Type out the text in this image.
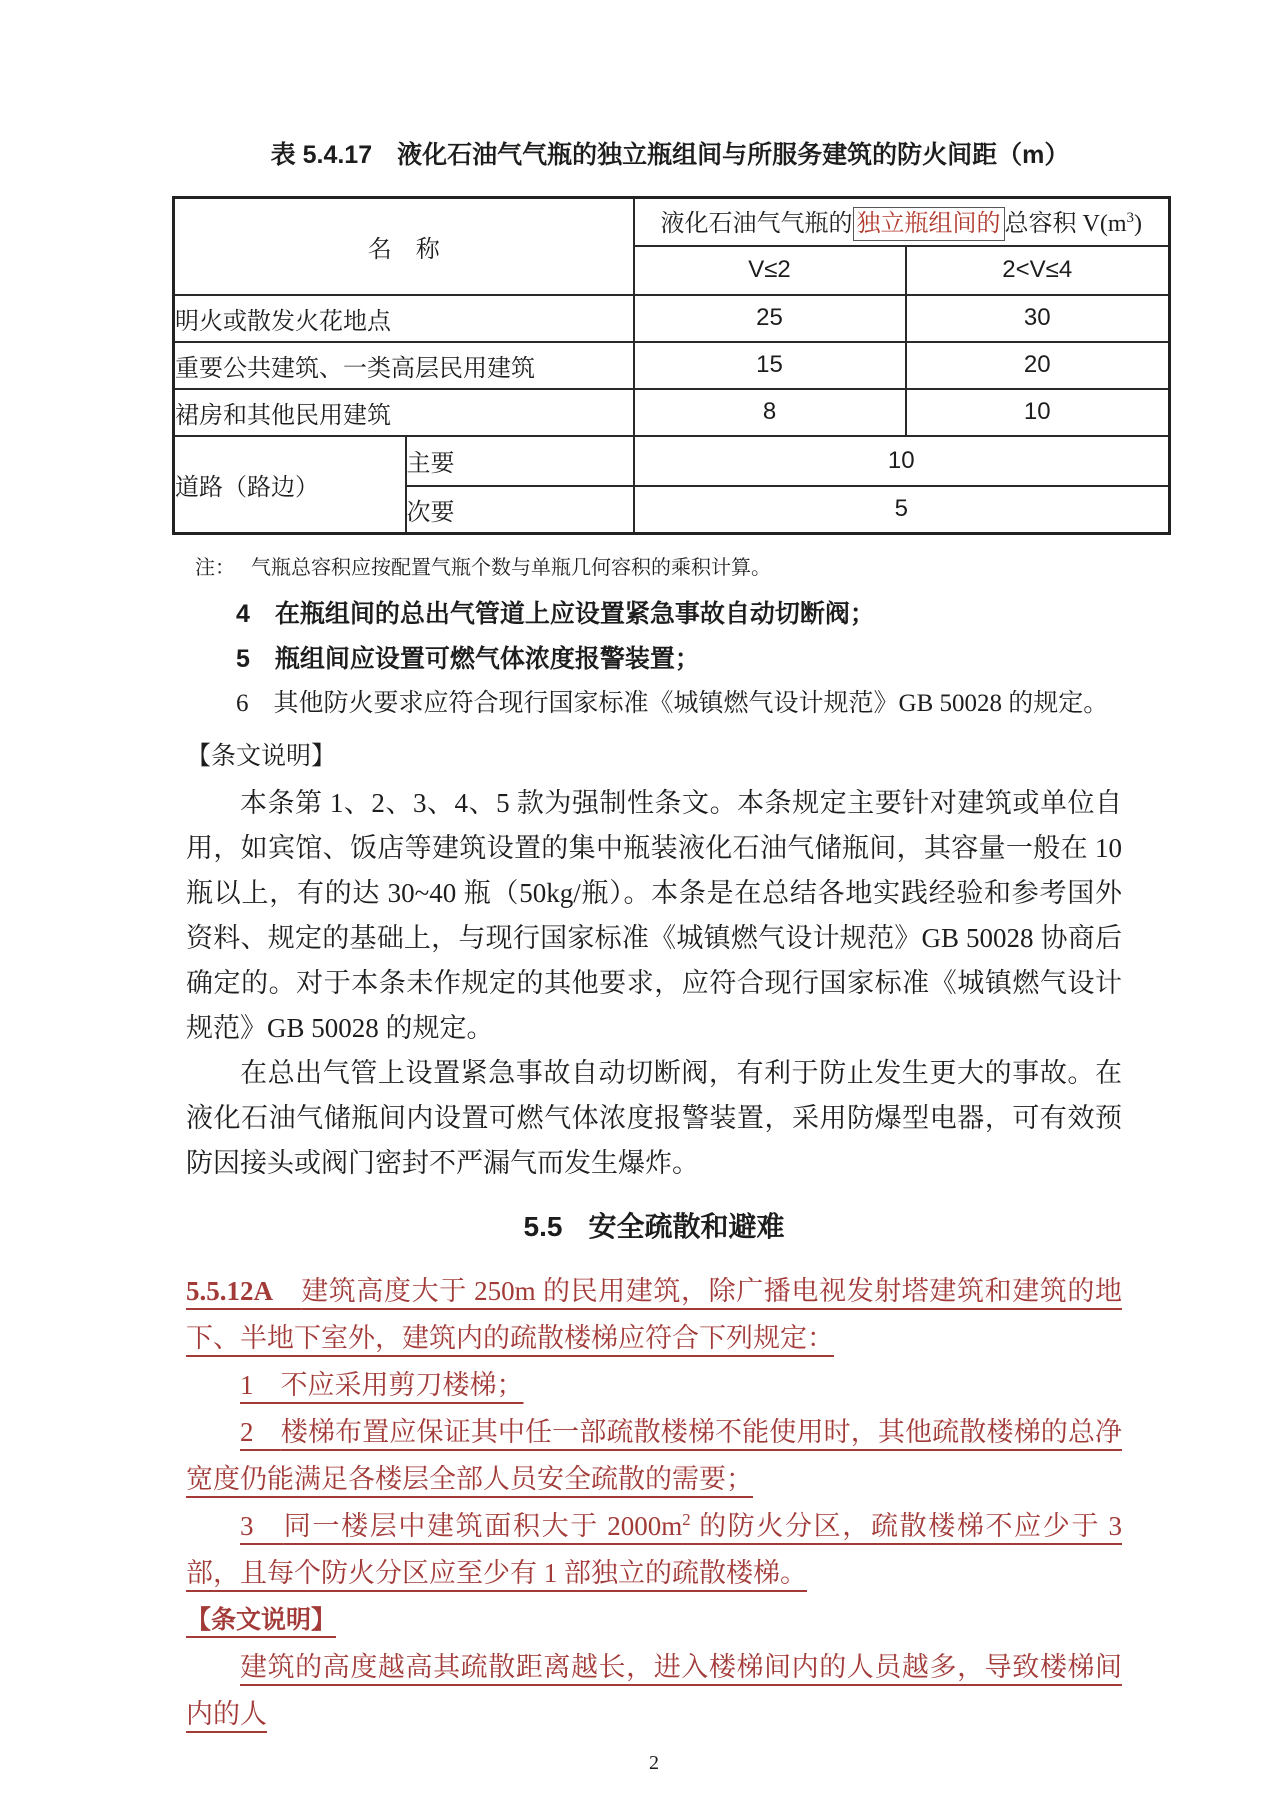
表 5.4.17　液化石油气气瓶的独立瓶组间与所服务建筑的防火间距（m）
名　称		液化石油气气瓶的 独立瓶组间的 总容积 $V(m^3)$	
		V≤2	2<V≤4
明火或散发火花地点		25	30
重要公共建筑、一类高层民用建筑		15	20
裙房和其他民用建筑		8	10
道路（路边）	主要	10	
	次要	5	

注： 气瓶总容积应按配置气瓶个数与单瓶几何容积的乘积计算。

4　 在瓶组间的总出气管道上应设置紧急事故自动切断阀；

5　 瓶组间应设置可燃气体浓度报警装置；

6　 其他防火要求应符合现行国家标准《城镇燃气设计规范》GB 50028 的规定。

【条文说明】

本条第 1、2、3、4、5 款为强制性条文。本条规定主要针对建筑或单位自用，如宾馆、饭店等建筑设置的集中瓶装液化石油气储瓶间，其容量一般在 10 瓶以上，有的达 30~40 瓶（50kg/瓶）。本条是在总结各地实践经验和参考国外资料、规定的基础上，与现行国家标准《城镇燃气设计规范》GB 50028 协商后确定的。对于本条未作规定的其他要求，应符合现行国家标准《城镇燃气设计规范》GB 50028 的规定。

在总出气管上设置紧急事故自动切断阀，有利于防止发生更大的事故。在液化石油气储瓶间内设置可燃气体浓度报警装置，采用防爆型电器，可有效预防因接头或阀门密封不严漏气而发生爆炸。

5.5 安全疏散和避难

5.5.12A　 建筑高度大于 250m 的民用建筑，除广播电视发射塔建筑和建筑的地下、半地下室外，建筑内的疏散楼梯应符合下列规定：

1　 不应采用剪刀楼梯；

2　 楼梯布置应保证其中任一部疏散楼梯不能使用时，其他疏散楼梯的总净宽度仍能满足各楼层全部人员安全疏散的需要；

3　 同一楼层中建筑面积大于 $2000m^2$ 的防火分区，疏散楼梯不应少于 3 部，且每个防火分区应至少有 1 部独立的疏散楼梯。

【条文说明】

建筑的高度越高其疏散距离越长，进入楼梯间内的人员越多，导致楼梯间内的人

2
